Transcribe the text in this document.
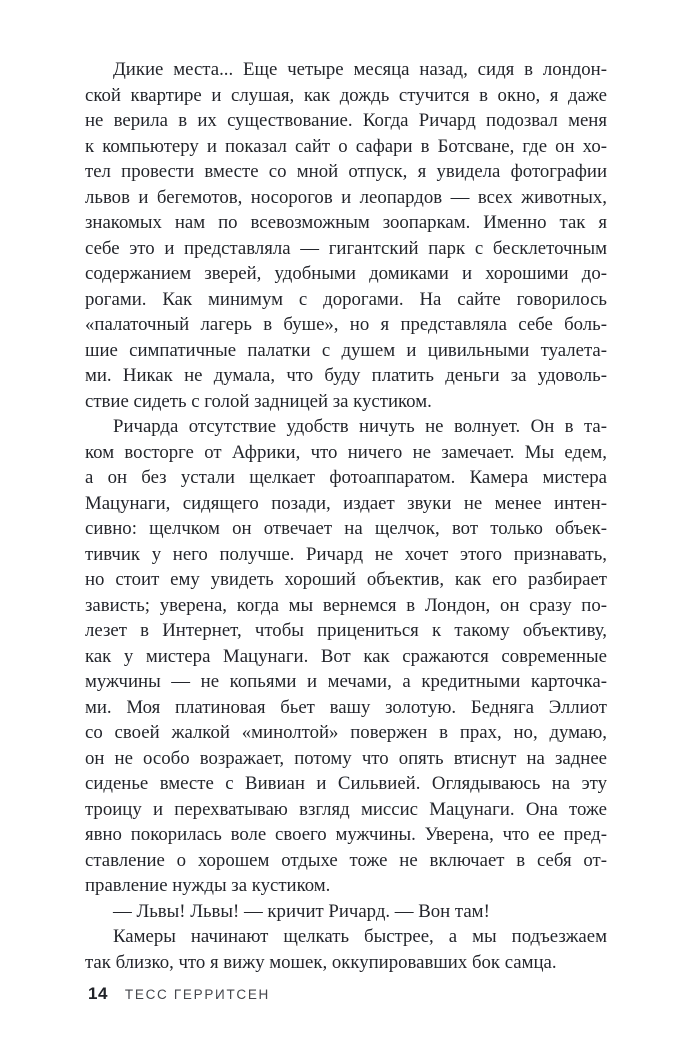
Дикие места... Еще четыре месяца назад, сидя в лондон-
ской квартире и слушая, как дождь стучится в окно, я даже
не верила в их существование. Когда Ричард подозвал меня
к компьютеру и показал сайт о сафари в Ботсване, где он хо-
тел провести вместе со мной отпуск, я увидела фотографии
львов и бегемотов, носорогов и леопардов — всех животных,
знакомых нам по всевозможным зоопаркам. Именно так я
себе это и представляла — гигантский парк с бесклеточным
содержанием зверей, удобными домиками и хорошими до-
рогами. Как минимум с дорогами. На сайте говорилось
«палаточный лагерь в буше», но я представляла себе боль-
шие симпатичные палатки с душем и цивильными туалета-
ми. Никак не думала, что буду платить деньги за удоволь-
ствие сидеть с голой задницей за кустиком.
Ричарда отсутствие удобств ничуть не волнует. Он в та-
ком восторге от Африки, что ничего не замечает. Мы едем,
а он без устали щелкает фотоаппаратом. Камера мистера
Мацунаги, сидящего позади, издает звуки не менее интен-
сивно: щелчком он отвечает на щелчок, вот только объек-
тивчик у него получше. Ричард не хочет этого признавать,
но стоит ему увидеть хороший объектив, как его разбирает
зависть; уверена, когда мы вернемся в Лондон, он сразу по-
лезет в Интернет, чтобы прицениться к такому объективу,
как у мистера Мацунаги. Вот как сражаются современные
мужчины — не копьями и мечами, а кредитными карточка-
ми. Моя платиновая бьет вашу золотую. Бедняга Эллиот
со своей жалкой «минолтой» повержен в прах, но, думаю,
он не особо возражает, потому что опять втиснут на заднее
сиденье вместе с Вивиан и Сильвией. Оглядываюсь на эту
троицу и перехватываю взгляд миссис Мацунаги. Она тоже
явно покорилась воле своего мужчины. Уверена, что ее пред-
ставление о хорошем отдыхе тоже не включает в себя от-
правление нужды за кустиком.
— Львы! Львы! — кричит Ричард. — Вон там!
Камеры начинают щелкать быстрее, а мы подъезжаем
так близко, что я вижу мошек, оккупировавших бок самца.
14 ТЕСС ГЕРРИТСЕН
